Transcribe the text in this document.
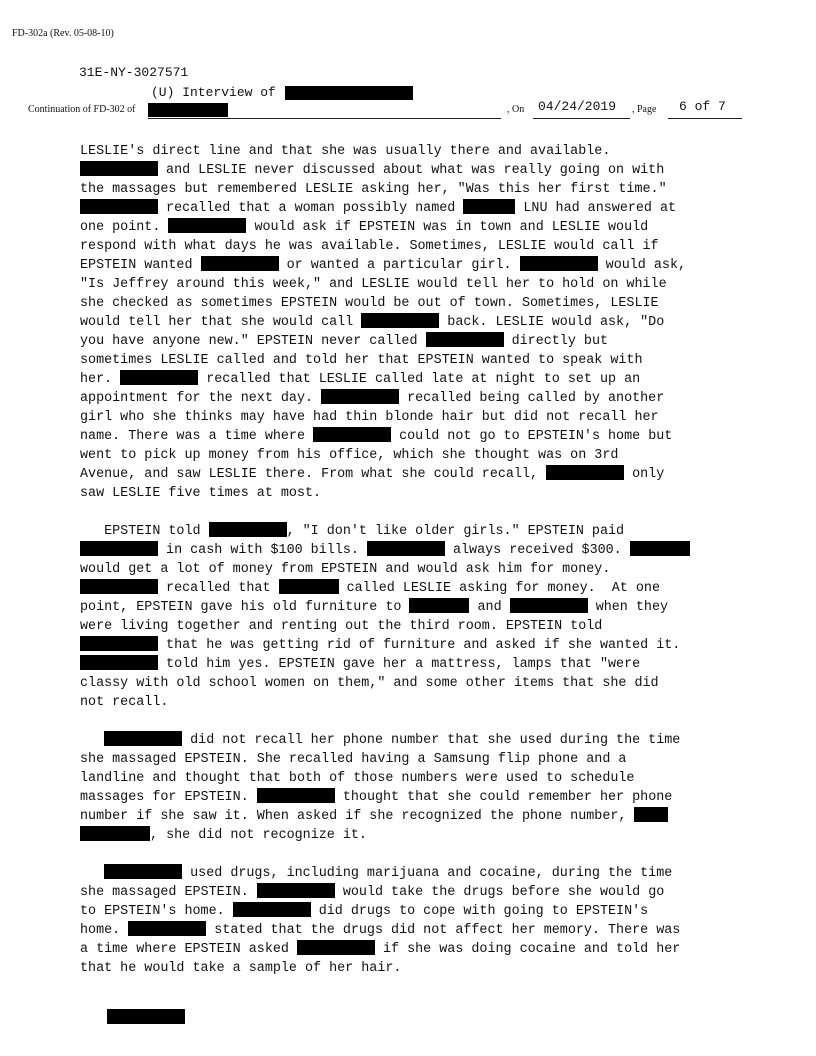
FD-302a (Rev. 05-08-10)
31E-NY-3027571
(U) Interview of
Continuation of FD-302 of	, On 04/24/2019 , Page 6 of 7
LESLIE's direct line and that she was usually there and available.
and LESLIE never discussed about what was really going on with
the massages but remembered LESLIE asking her, "Was this her first time."
recalled that a woman possibly named	LNU had answered at
one point.	would ask if EPSTEIN was in town and LESLIE would
respond with what days he was available. Sometimes, LESLIE would call if
EPSTEIN wanted	or wanted a particular girl.	would ask,
"Is Jeffrey around this week," and LESLIE would tell her to hold on while
she checked as sometimes EPSTEIN would be out of town. Sometimes, LESLIE
would tell her that she would call	back. LESLIE would ask, "Do
you have anyone new." EPSTEIN never called	directly but
sometimes LESLIE called and told her that EPSTEIN wanted to speak with
her.	recalled that LESLIE called late at night to set up an
appointment for the next day.	recalled being called by another
girl who she thinks may have had thin blonde hair but did not recall her
name. There was a time where	could not go to EPSTEIN's home but
went to pick up money from his office, which she thought was on 3rd
Avenue, and saw LESLIE there. From what she could recall,	only
saw LESLIE five times at most.
EPSTEIN told	, "I don't like older girls." EPSTEIN paid
in cash with $100 bills.	always received $300.
would get a lot of money from EPSTEIN and would ask him for money.
recalled that	called LESLIE asking for money.  At one
point, EPSTEIN gave his old furniture to	and	when they
were living together and renting out the third room. EPSTEIN told
that he was getting rid of furniture and asked if she wanted it.
told him yes. EPSTEIN gave her a mattress, lamps that "were
classy with old school women on them," and some other items that she did
not recall.
did not recall her phone number that she used during the time
she massaged EPSTEIN. She recalled having a Samsung flip phone and a
landline and thought that both of those numbers were used to schedule
massages for EPSTEIN.	thought that she could remember her phone
number if she saw it. When asked if she recognized the phone number,
, she did not recognize it.
used drugs, including marijuana and cocaine, during the time
she massaged EPSTEIN.	would take the drugs before she would go
to EPSTEIN's home.	did drugs to cope with going to EPSTEIN's
home.	stated that the drugs did not affect her memory. There was
a time where EPSTEIN asked	if she was doing cocaine and told her
that he would take a sample of her hair.
